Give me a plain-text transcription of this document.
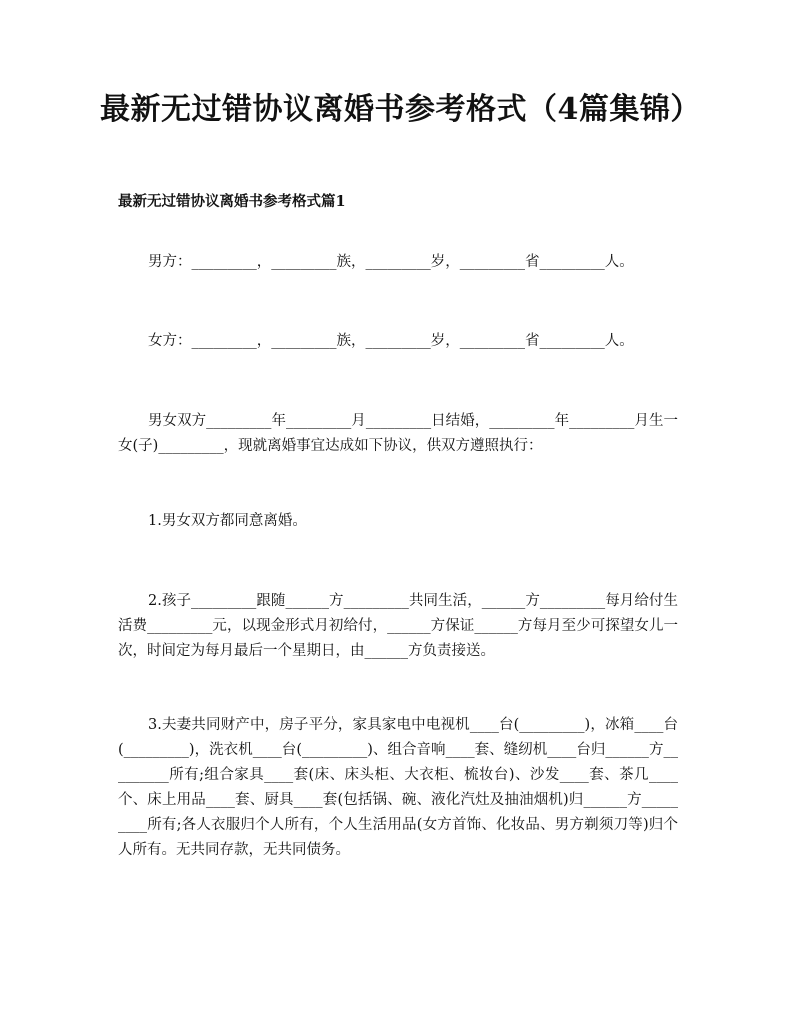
最新无过错协议离婚书参考格式（4篇集锦）
最新无过错协议离婚书参考格式篇1

男方：_________，_________族，_________岁，_________省_________人。

女方：_________，_________族，_________岁，_________省_________人。

男女双方_________年_________月_________日结婚，_________年_________月生一女(子)_________，现就离婚事宜达成如下协议，供双方遵照执行：

1.男女双方都同意离婚。

2.孩子_________跟随______方_________共同生活，______方_________每月给付生活费_________元，以现金形式月初给付，______方保证______方每月至少可探望女儿一次，时间定为每月最后一个星期日，由______方负责接送。

3.夫妻共同财产中，房子平分，家具家电中电视机____台(_________)，冰箱____台(_________)，洗衣机____台(_________)、组合音响____套、缝纫机____台归______方_________所有;组合家具____套(床、床头柜、大衣柜、梳妆台)、沙发____套、茶几____个、床上用品____套、厨具____套(包括锅、碗、液化汽灶及抽油烟机)归______方_________所有;各人衣服归个人所有，个人生活用品(女方首饰、化妆品、男方剃须刀等)归个人所有。无共同存款，无共同债务。
